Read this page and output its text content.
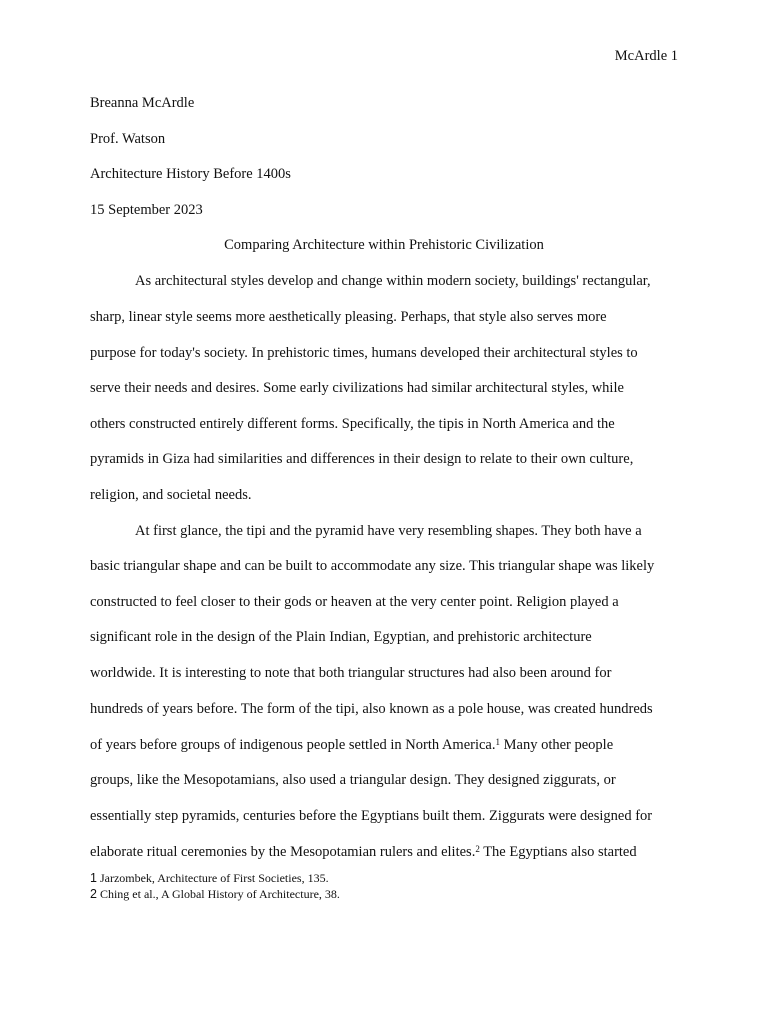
McArdle 1
Breanna McArdle
Prof. Watson
Architecture History Before 1400s
15 September 2023
Comparing Architecture within Prehistoric Civilization
As architectural styles develop and change within modern society, buildings' rectangular,
sharp, linear style seems more aesthetically pleasing. Perhaps, that style also serves more
purpose for today's society. In prehistoric times, humans developed their architectural styles to
serve their needs and desires. Some early civilizations had similar architectural styles, while
others constructed entirely different forms. Specifically, the tipis in North America and the
pyramids in Giza had similarities and differences in their design to relate to their own culture,
religion, and societal needs.
At first glance, the tipi and the pyramid have very resembling shapes. They both have a
basic triangular shape and can be built to accommodate any size. This triangular shape was likely
constructed to feel closer to their gods or heaven at the very center point. Religion played a
significant role in the design of the Plain Indian, Egyptian, and prehistoric architecture
worldwide. It is interesting to note that both triangular structures had also been around for
hundreds of years before. The form of the tipi, also known as a pole house, was created hundreds
of years before groups of indigenous people settled in North America.$^1$ Many other people
groups, like the Mesopotamians, also used a triangular design. They designed ziggurats, or
essentially step pyramids, centuries before the Egyptians built them. Ziggurats were designed for
elaborate ritual ceremonies by the Mesopotamian rulers and elites.$^2$ The Egyptians also started
1 Jarzombek, Architecture of First Societies, 135.
2 Ching et al., A Global History of Architecture, 38.
